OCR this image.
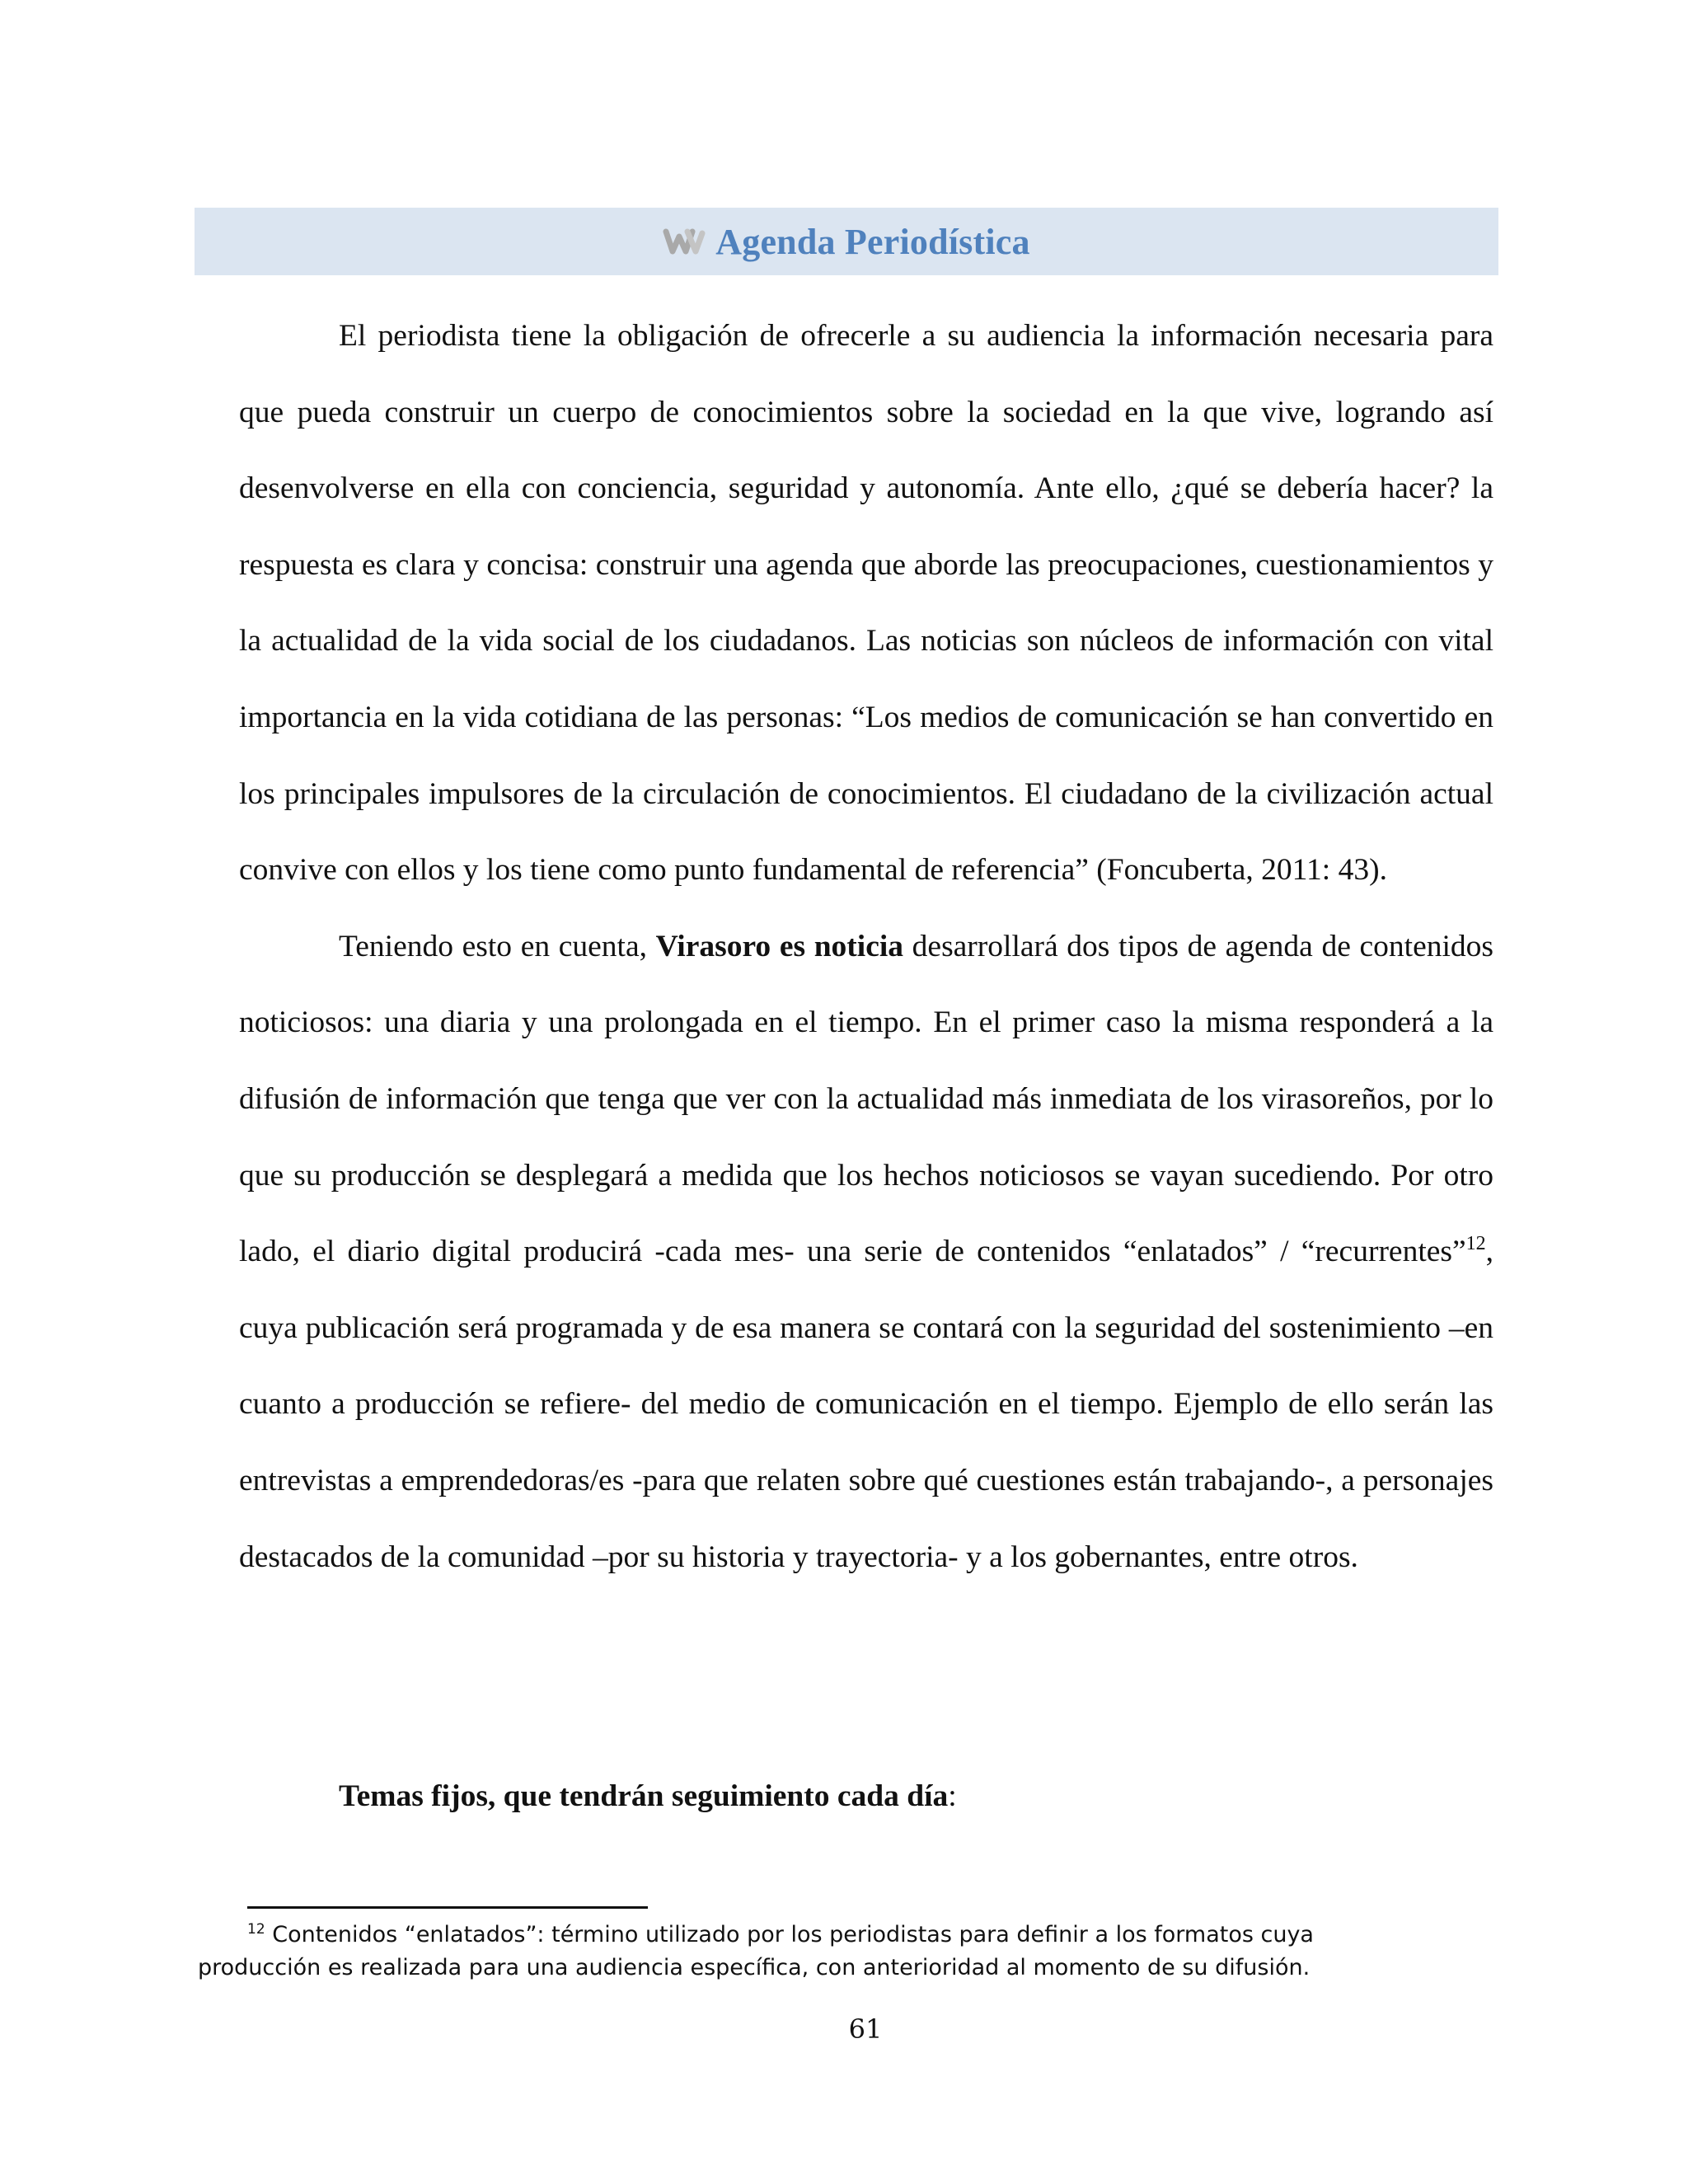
Agenda Periodística

El periodista tiene la obligación de ofrecerle a su audiencia la información necesaria para que pueda construir un cuerpo de conocimientos sobre la sociedad en la que vive, logrando así desenvolverse en ella con conciencia, seguridad y autonomía. Ante ello, ¿qué se debería hacer? la respuesta es clara y concisa: construir una agenda que aborde las preocupaciones, cuestionamientos y la actualidad de la vida social de los ciudadanos. Las noticias son núcleos de información con vital importancia en la vida cotidiana de las personas: “Los medios de comunicación se han convertido en los principales impulsores de la circulación de conocimientos. El ciudadano de la civilización actual convive con ellos y los tiene como punto fundamental de referencia” (Foncuberta, 2011: 43).

Teniendo esto en cuenta, Virasoro es noticia desarrollará dos tipos de agenda de contenidos noticiosos: una diaria y una prolongada en el tiempo. En el primer caso la misma responderá a la difusión de información que tenga que ver con la actualidad más inmediata de los virasoreños, por lo que su producción se desplegará a medida que los hechos noticiosos se vayan sucediendo. Por otro lado, el diario digital producirá -cada mes- una serie de contenidos “enlatados” / “recurrentes”$^{12}$, cuya publicación será programada y de esa manera se contará con la seguridad del sostenimiento –en cuanto a producción se refiere- del medio de comunicación en el tiempo. Ejemplo de ello serán las entrevistas a emprendedoras/es -para que relaten sobre qué cuestiones están trabajando-, a personajes destacados de la comunidad –por su historia y trayectoria- y a los gobernantes, entre otros.

Temas fijos, que tendrán seguimiento cada día:
$^{12}$ Contenidos “enlatados”: término utilizado por los periodistas para definir a los formatos cuya
producción es realizada para una audiencia específica, con anterioridad al momento de su difusión.
61
